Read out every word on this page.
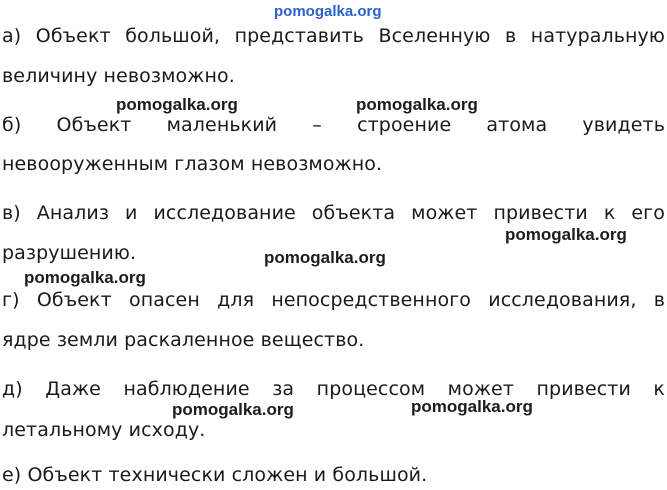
pomogalka.org
а) Объект большой, представить Вселенную в натуральную
величину невозможно.
б) Объект маленький – строение атома увидеть
невооруженным глазом невозможно.
в) Анализ и исследование объекта может привести к его
разрушению.
г) Объект опасен для непосредственного исследования, в
ядре земли раскаленное вещество.
д) Даже наблюдение за процессом может привести к
летальному исходу.
е) Объект технически сложен и большой.
pomogalka.org	pomogalka.org
pomogalka.org
pomogalka.org
pomogalka.org
pomogalka.org
pomogalka.org
